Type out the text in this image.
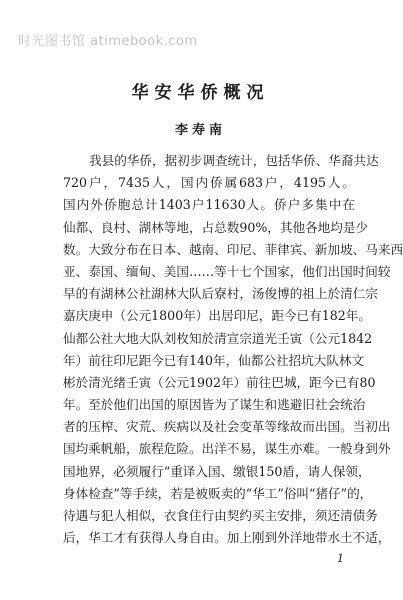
时光图书馆 atimebook.com
华安华侨概况
李寿南
我县的华侨，据初步调查统计，包括华侨、华裔共达
720户，7435人，国内侨属683户，4195人。
国内外侨胞总计1403户11630人。侨户多集中在
仙都、良村、湖林等地，占总数90%，其他各地均是少
数。大致分布在日本、越南、印尼、菲律宾、新加坡、马来西
亚、泰国、缅甸、美国……等十七个国家，他们出国时间较
早的有湖林公社湖林大队后寮村，汤俊博的祖上於清仁宗
嘉庆庚申（公元1800年）出居印尼，距今已有182年。
仙都公社大地大队刘枚知於清宣宗道光壬寅（公元1842
年）前往印尼距今已有140年，仙都公社招坑大队林文
彬於清光绪壬寅（公元1902年）前往巴城，距今已有80
年。至於他们出国的原因皆为了谋生和逃避旧社会统治
者的压榨、灾荒、疾病以及社会变革等缘故而出国。当初出
国均乘帆船，旅程危险。出洋不易，谋生亦难。一般身到外
国地界，必须履行“重译入国、缴银150盾，请人保领，
身体检查”等手续，若是被贩卖的“华工”俗叫“猪仔”的，
待遇与犯人相似，衣食住行由契约买主安排，须还清债务
后，华工才有获得人身自由。加上刚到外洋地带水土不适，
1
